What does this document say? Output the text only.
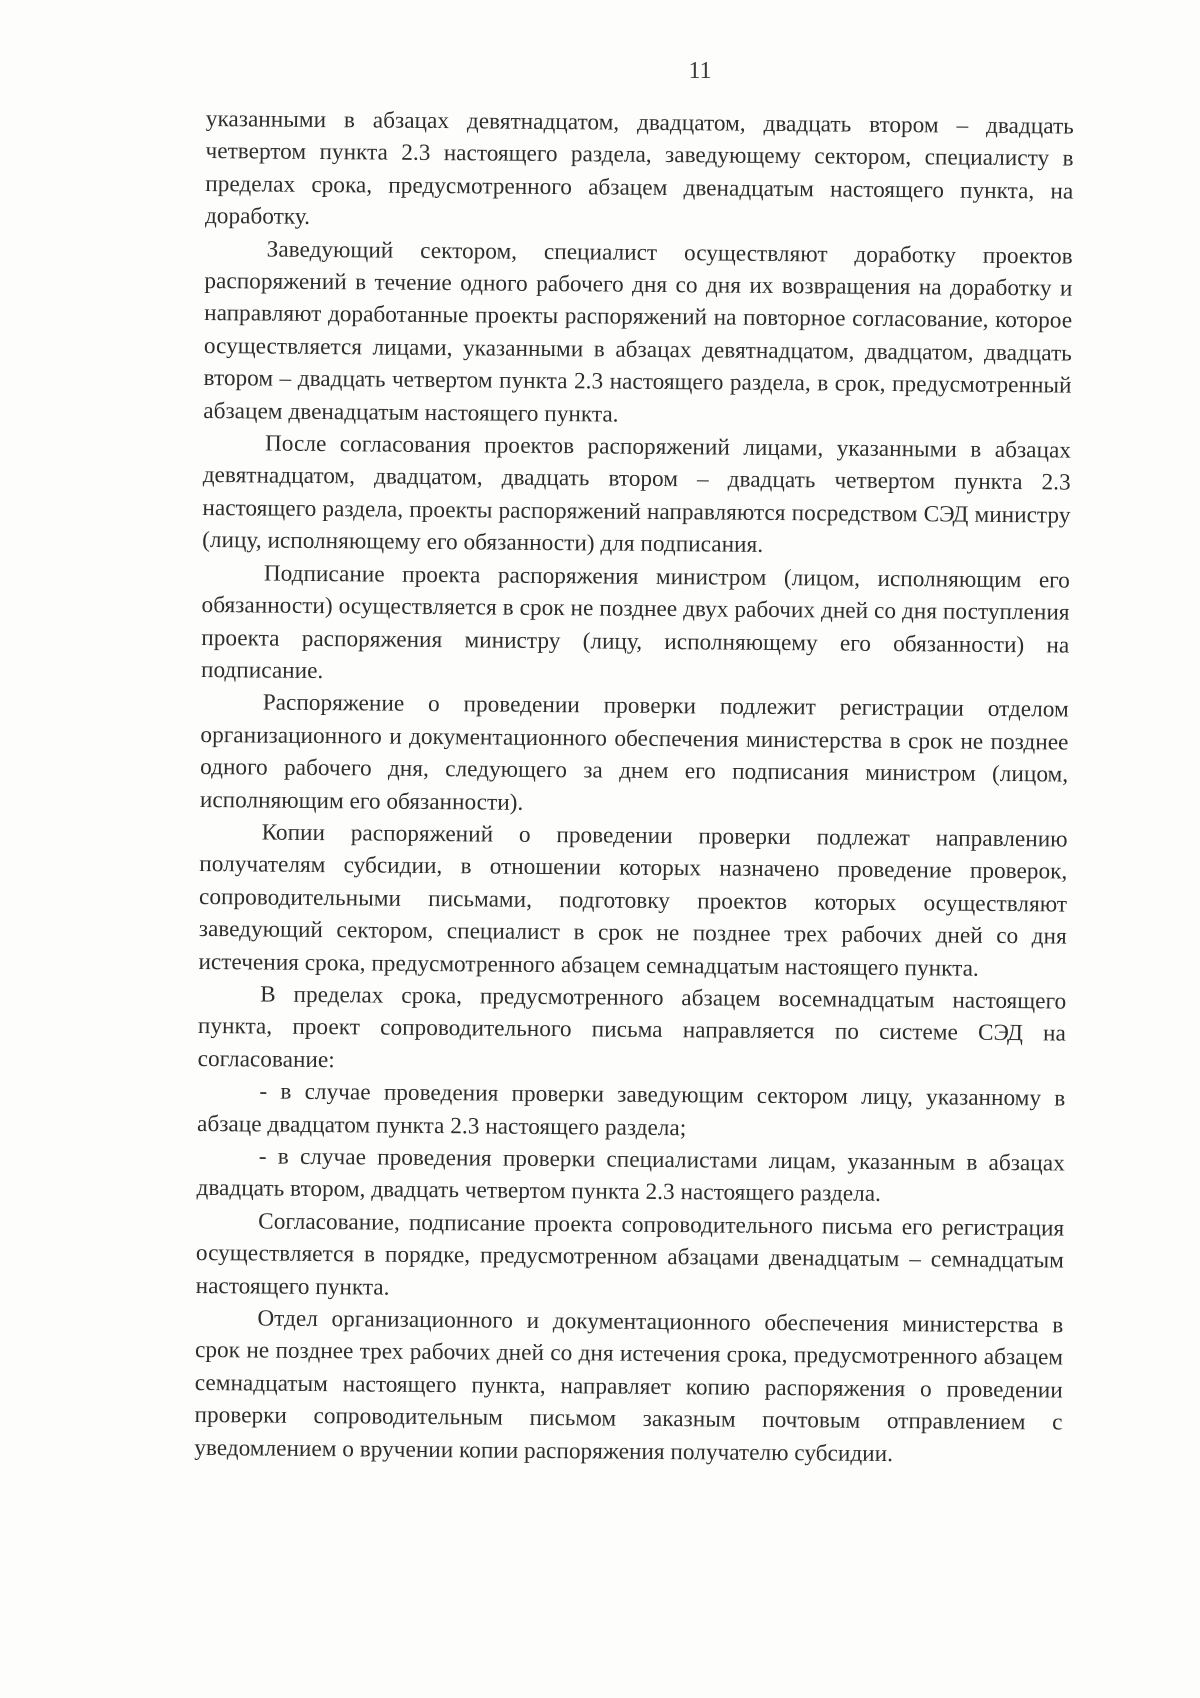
11

указанными в абзацах девятнадцатом, двадцатом, двадцать втором – двадцать четвертом пункта 2.3 настоящего раздела, заведующему сектором, специалисту в пределах срока, предусмотренного абзацем двенадцатым настоящего пункта, на доработку.

Заведующий сектором, специалист осуществляют доработку проектов распоряжений в течение одного рабочего дня со дня их возвращения на доработку и направляют доработанные проекты распоряжений на повторное согласование, которое осуществляется лицами, указанными в абзацах девятнадцатом, двадцатом, двадцать втором – двадцать четвертом пункта 2.3 настоящего раздела, в срок, предусмотренный абзацем двенадцатым настоящего пункта.

После согласования проектов распоряжений лицами, указанными в абзацах девятнадцатом, двадцатом, двадцать втором – двадцать четвертом пункта 2.3 настоящего раздела, проекты распоряжений направляются посредством СЭД министру (лицу, исполняющему его обязанности) для подписания.

Подписание проекта распоряжения министром (лицом, исполняющим его обязанности) осуществляется в срок не позднее двух рабочих дней со дня поступления проекта распоряжения министру (лицу, исполняющему его обязанности) на подписание.

Распоряжение о проведении проверки подлежит регистрации отделом организационного и документационного обеспечения министерства в срок не позднее одного рабочего дня, следующего за днем его подписания министром (лицом, исполняющим его обязанности).

Копии распоряжений о проведении проверки подлежат направлению получателям субсидии, в отношении которых назначено проведение проверок, сопроводительными письмами, подготовку проектов которых осуществляют заведующий сектором, специалист в срок не позднее трех рабочих дней со дня истечения срока, предусмотренного абзацем семнадцатым настоящего пункта.

В пределах срока, предусмотренного абзацем восемнадцатым настоящего пункта, проект сопроводительного письма направляется по системе СЭД на согласование:

- в случае проведения проверки заведующим сектором лицу, указанному в абзаце двадцатом пункта 2.3 настоящего раздела;

- в случае проведения проверки специалистами лицам, указанным в абзацах двадцать втором, двадцать четвертом пункта 2.3 настоящего раздела.

Согласование, подписание проекта сопроводительного письма его регистрация осуществляется в порядке, предусмотренном абзацами двенадцатым – семнадцатым настоящего пункта.

Отдел организационного и документационного обеспечения министерства в срок не позднее трех рабочих дней со дня истечения срока, предусмотренного абзацем семнадцатым настоящего пункта, направляет копию распоряжения о проведении проверки сопроводительным письмом заказным почтовым отправлением с уведомлением о вручении копии распоряжения получателю субсидии.
